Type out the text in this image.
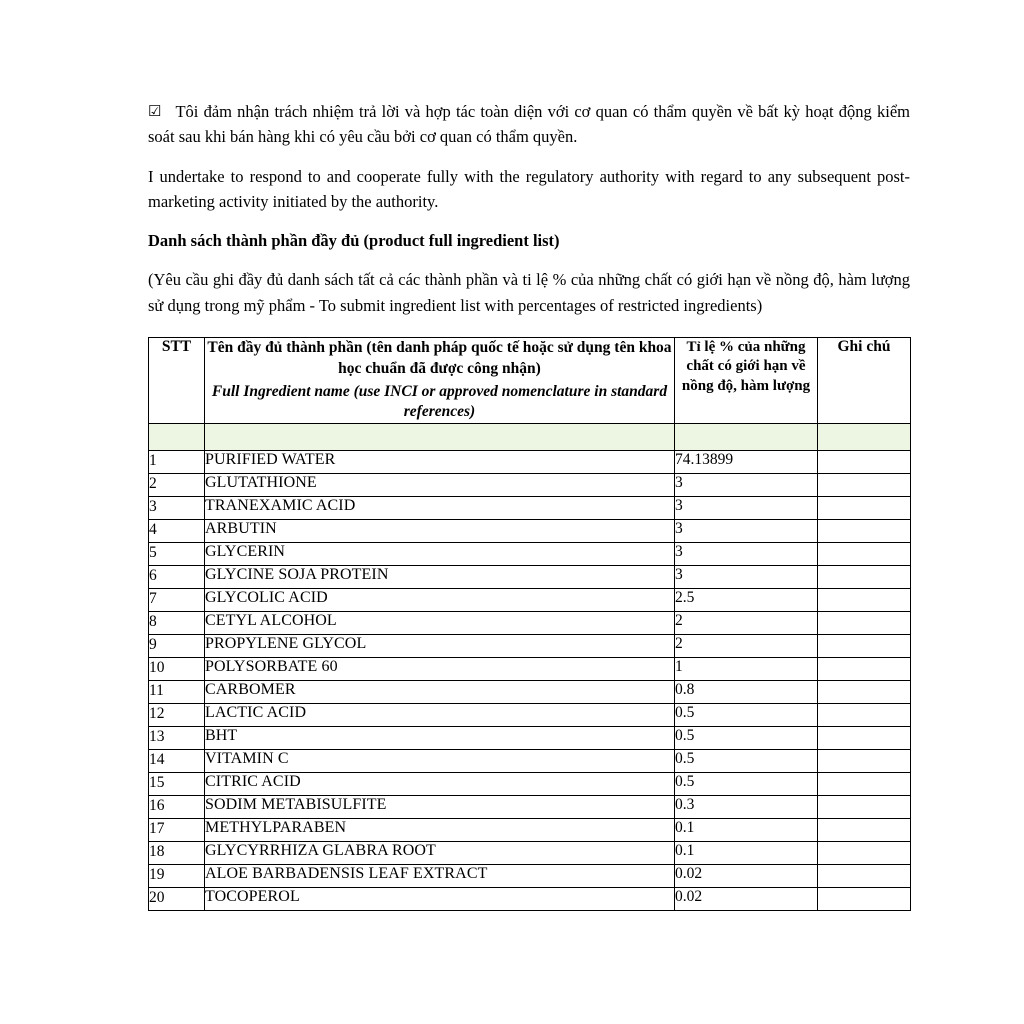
☑ Tôi đảm nhận trách nhiệm trả lời và hợp tác toàn diện với cơ quan có thẩm quyền về bất kỳ hoạt động kiểm soát sau khi bán hàng khi có yêu cầu bởi cơ quan có thẩm quyền.

I undertake to respond to and cooperate fully with the regulatory authority with regard to any subsequent post-marketing activity initiated by the authority.

Danh sách thành phần đầy đủ (product full ingredient list)

(Yêu cầu ghi đầy đủ danh sách tất cả các thành phần và ti lệ % của những chất có giới hạn về nồng độ, hàm lượng sử dụng trong mỹ phẩm - To submit ingredient list with percentages of restricted ingredients)

STT	Tên đầy đủ thành phần (tên danh pháp quốc tế hoặc sử dụng tên khoa học chuẩn đã được công nhận)
Full Ingredient name (use INCI or approved nomenclature in standard references)	Tỉ lệ % của những chất có giới hạn về nồng độ, hàm lượng	Ghi chú

1	PURIFIED WATER	74.13899	
2	GLUTATHIONE	3	
3	TRANEXAMIC ACID	3	
4	ARBUTIN	3	
5	GLYCERIN	3	
6	GLYCINE SOJA PROTEIN	3	
7	GLYCOLIC ACID	2.5	
8	CETYL ALCOHOL	2	
9	PROPYLENE GLYCOL	2	
10	POLYSORBATE 60	1	
11	CARBOMER	0.8	
12	LACTIC ACID	0.5	
13	BHT	0.5	
14	VITAMIN C	0.5	
15	CITRIC ACID	0.5	
16	SODIM METABISULFITE	0.3	
17	METHYLPARABEN	0.1	
18	GLYCYRRHIZA GLABRA ROOT	0.1	
19	ALOE BARBADENSIS LEAF EXTRACT	0.02	
20	TOCOPEROL	0.02	
